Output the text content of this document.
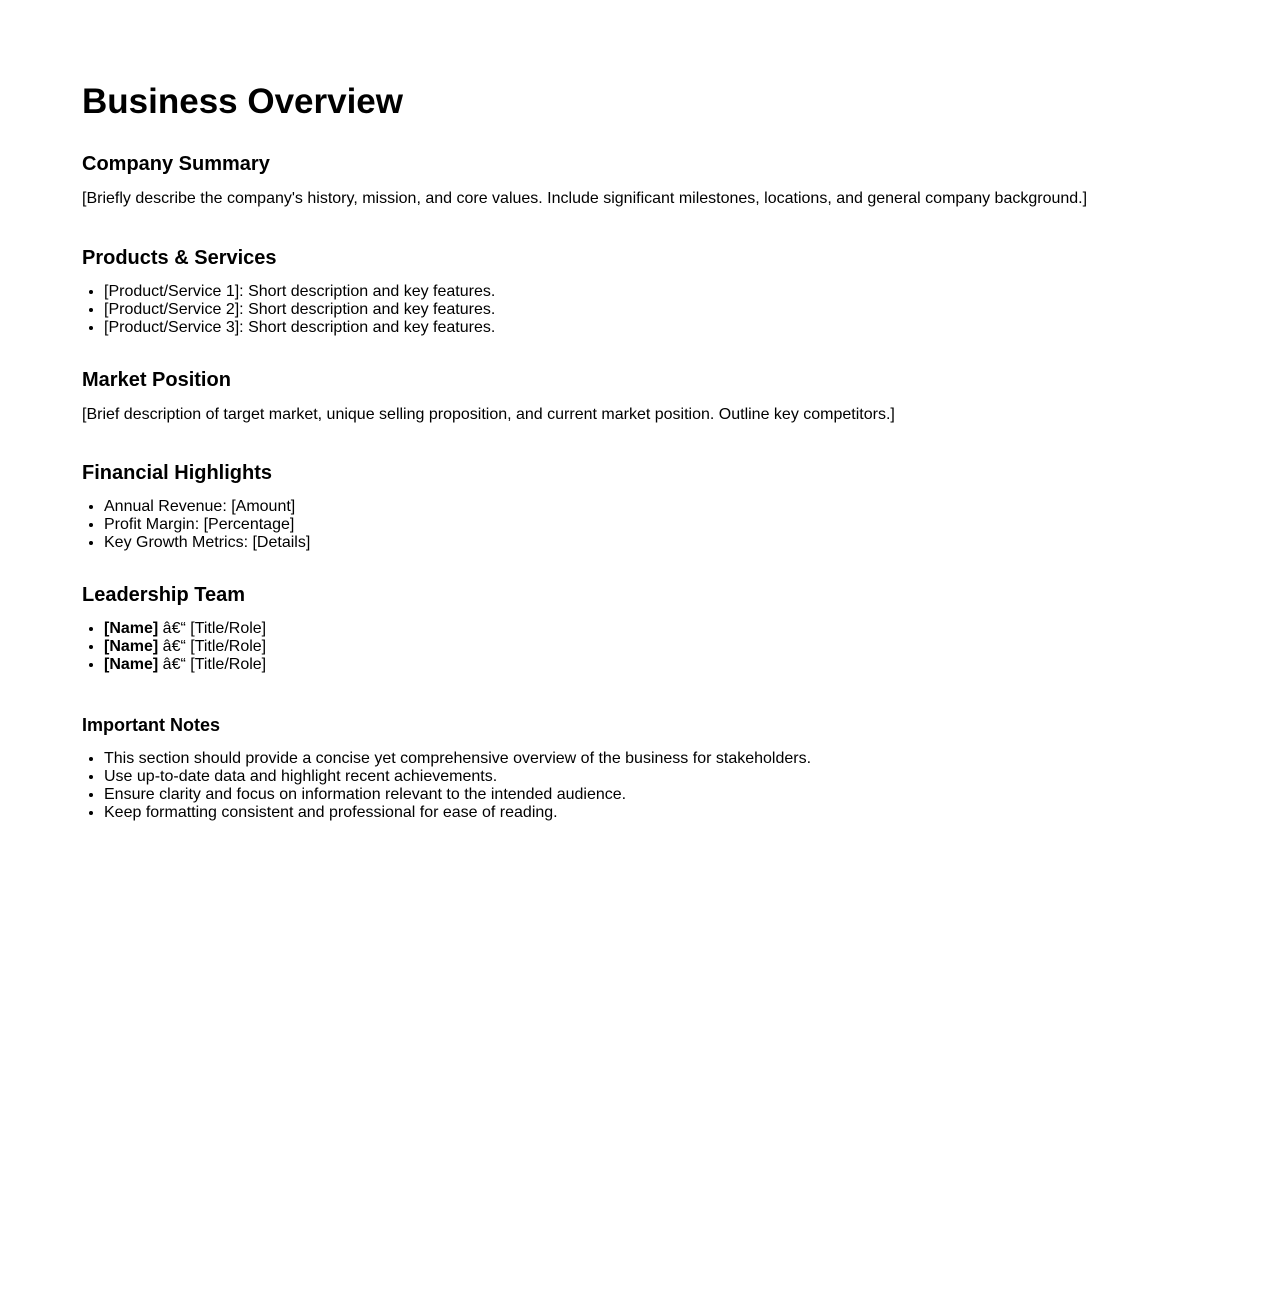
Business Overview
Company Summary

[Briefly describe the company's history, mission, and core values. Include significant milestones, locations, and general company background.]

Products & Services
• [Product/Service 1]: Short description and key features.
• [Product/Service 2]: Short description and key features.
• [Product/Service 3]: Short description and key features.
Market Position

[Brief description of target market, unique selling proposition, and current market position. Outline key competitors.]

Financial Highlights
• Annual Revenue: [Amount]
• Profit Margin: [Percentage]
• Key Growth Metrics: [Details]
Leadership Team
• [Name] â€“ [Title/Role]
• [Name] â€“ [Title/Role]
• [Name] â€“ [Title/Role]
Important Notes
• This section should provide a concise yet comprehensive overview of the business for stakeholders.
• Use up-to-date data and highlight recent achievements.
• Ensure clarity and focus on information relevant to the intended audience.
• Keep formatting consistent and professional for ease of reading.
